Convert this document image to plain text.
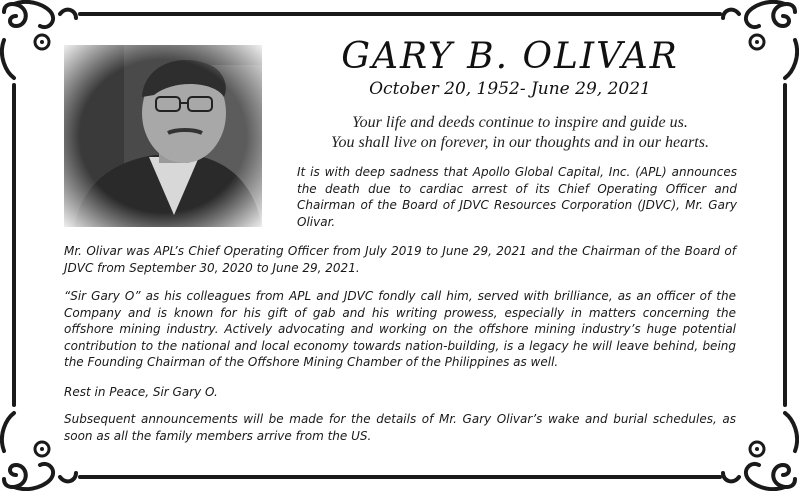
GARY B. OLIVAR
October 20, 1952- June 29, 2021
Your life and deeds continue to inspire and guide us.
You shall live on forever, in our thoughts and in our hearts.

It is with deep sadness that Apollo Global Capital, Inc. (APL) announces the death due to cardiac arrest of its Chief Operating Officer and Chairman of the Board of JDVC Resources Corporation (JDVC), Mr. Gary Olivar.

Mr. Olivar was APL’s Chief Operating Officer from July 2019 to June 29, 2021 and the Chairman of the Board of JDVC from September 30, 2020 to June 29, 2021.

“Sir Gary O” as his colleagues from APL and JDVC fondly call him, served with brilliance, as an officer of the Company and is known for his gift of gab and his writing prowess, especially in matters concerning the offshore mining industry. Actively advocating and working on the offshore mining industry’s huge potential contribution to the national and local economy towards nation-building, is a legacy he will leave behind, being the Founding Chairman of the Offshore Mining Chamber of the Philippines as well.

Rest in Peace, Sir Gary O.

Subsequent announcements will be made for the details of Mr. Gary Olivar’s wake and burial schedules, as soon as all the family members arrive from the US.
